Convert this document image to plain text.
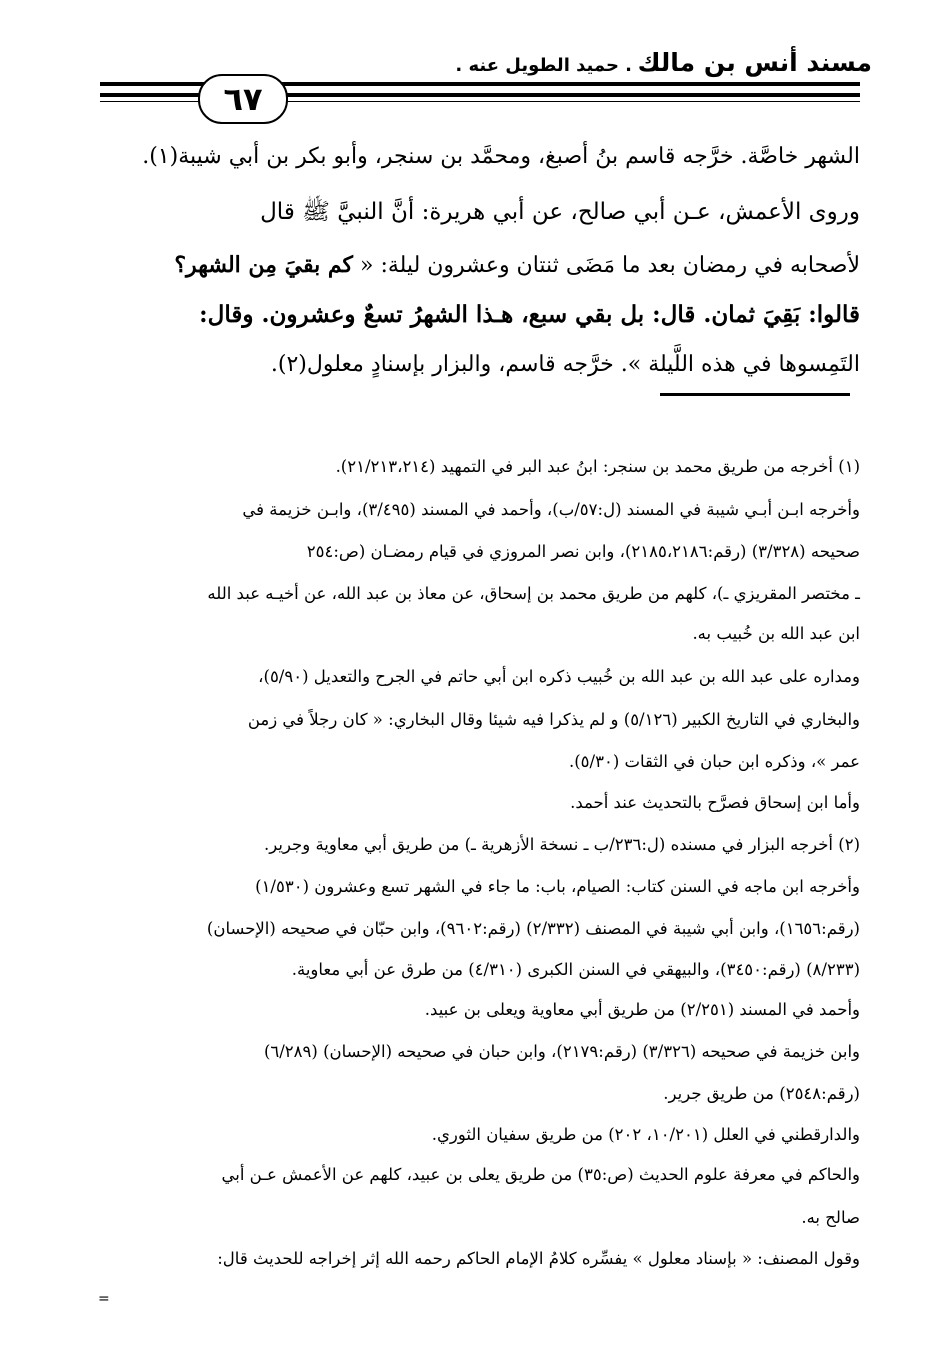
مسند أنس بن مالك . حميد الطويل عنه .
٦٧

الشهر خاصَّة. خرَّجه قاسم بنُ أصبغ، ومحمَّد بن سنجر، وأبو بكر بن أبي شيبة(١).

وروى الأعمش، عـن أبي صالح، عن أبي هريرة: أنَّ النبيَّ ﷺ قال

لأصحابه في رمضان بعد ما مَضَى ثنتان وعشرون ليلة: « كم بقيَ مِن الشهر؟

قالوا: بَقِيَ ثمان. قال: بل بقي سبع، هـذا الشهرُ تسعٌ وعشرون. وقال:

التَمِسوها في هذه اللَّيلة ». خرَّجه قاسم، والبزار بإسنادٍ معلول(٢).

(١) أخرجه من طريق محمد بن سنجر: ابنُ عبد البر في التمهيد (٢١/٢١٣،٢١٤).

وأخرجه ابـن أبـي شيبة في المسند (ل:٥٧/ب)، وأحمد في المسند (٣/٤٩٥)، وابـن خزيمة في

صحيحه (٣/٣٢٨) (رقم:٢١٨٥،٢١٨٦)، وابن نصر المروزي في قيام رمضـان (ص:٢٥٤

ـ مختصر المقريزي ـ)، كلهم من طريق محمد بن إسحاق، عن معاذ بن عبد الله، عن أخيـه عبد الله

ابن عبد الله بن خُبيب به.

ومداره على عبد الله بن عبد الله بن خُبيب ذكره ابن أبي حاتم في الجرح والتعديل (٥/٩٠)،

والبخاري في التاريخ الكبير (٥/١٢٦) و لم يذكرا فيه شيئا وقال البخاري: « كان رجلاً في زمن

عمر »، وذكره ابن حبان في الثقات (٥/٣٠).

وأما ابن إسحاق فصرَّح بالتحديث عند أحمد.

(٢) أخرجه البزار في مسنده (ل:٢٣٦/ب ـ نسخة الأزهرية ـ) من طريق أبي معاوية وجرير.

وأخرجه ابن ماجه في السنن كتاب: الصيام، باب: ما جاء في الشهر تسع وعشرون (١/٥٣٠)

(رقم:١٦٥٦)، وابن أبي شيبة في المصنف (٢/٣٣٢) (رقم:٩٦٠٢)، وابن حبّان في صحيحه (الإحسان)

(٨/٢٣٣) (رقم:٣٤٥٠)، والبيهقي في السنن الكبرى (٤/٣١٠) من طرق عن أبي معاوية.

وأحمد في المسند (٢/٢٥١) من طريق أبي معاوية ويعلى بن عبيد.

وابن خزيمة في صحيحه (٣/٣٢٦) (رقم:٢١٧٩)، وابن حبان في صحيحه (الإحسان) (٦/٢٨٩)

(رقم:٢٥٤٨) من طريق جرير.

والدارقطني في العلل (١٠/٢٠١، ٢٠٢) من طريق سفيان الثوري.

والحاكم في معرفة علوم الحديث (ص:٣٥) من طريق يعلى بن عبيد، كلهم عن الأعمش عـن أبي

صالح به.

وقول المصنف: « بإسناد معلول » يفسِّره كلامُ الإمام الحاكم رحمه الله إثر إخراجه للحديث قال:

=
